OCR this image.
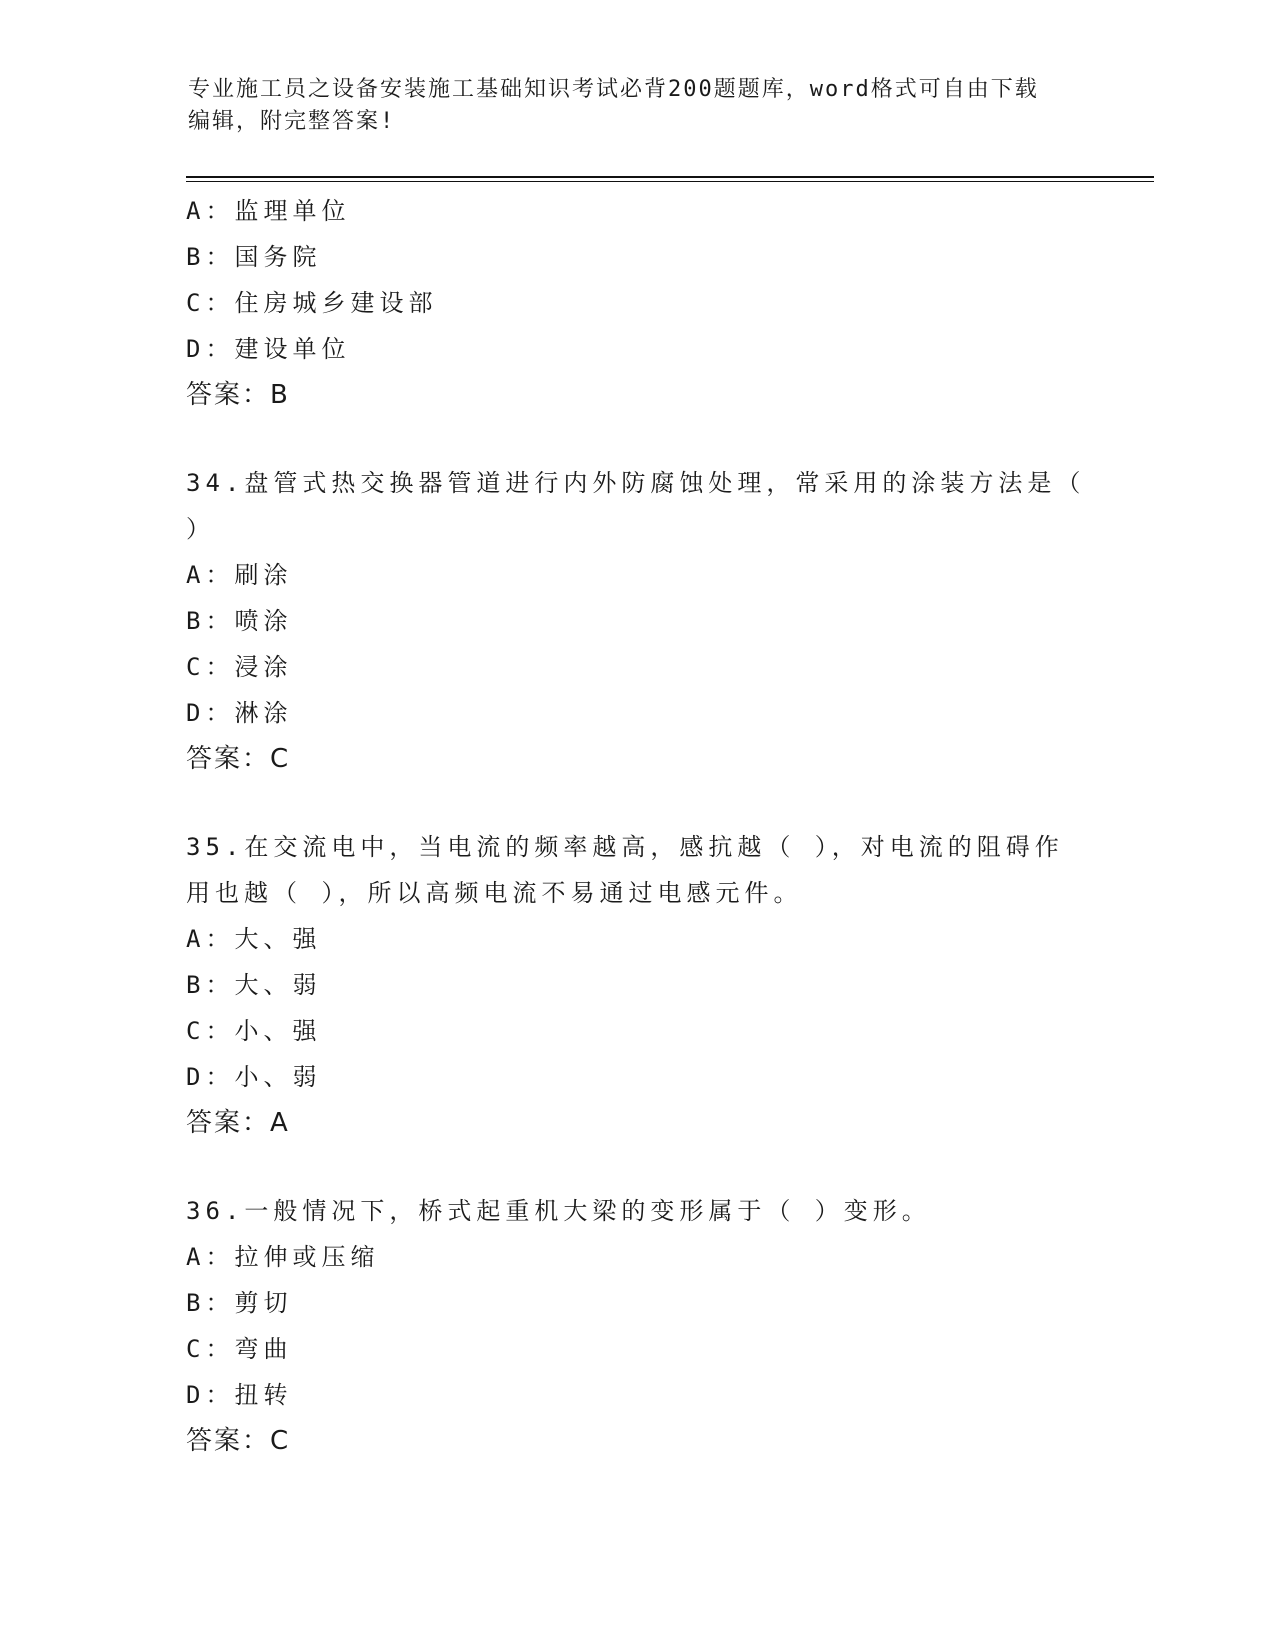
专业施工员之设备安装施工基础知识考试必背200题题库，word格式可自由下载
编辑，附完整答案!
A：监理单位
B：国务院
C：住房城乡建设部
D：建设单位
答案：B
34.盘管式热交换器管道进行内外防腐蚀处理，常采用的涂装方法是（
）
A：刷涂
B：喷涂
C：浸涂
D：淋涂
答案：C
35.在交流电中，当电流的频率越高，感抗越（ ），对电流的阻碍作
用也越（ ），所以高频电流不易通过电感元件。
A：大、强
B：大、弱
C：小、强
D：小、弱
答案：A
36.一般情况下，桥式起重机大梁的变形属于（ ）变形。
A：拉伸或压缩
B：剪切
C：弯曲
D：扭转
答案：C
